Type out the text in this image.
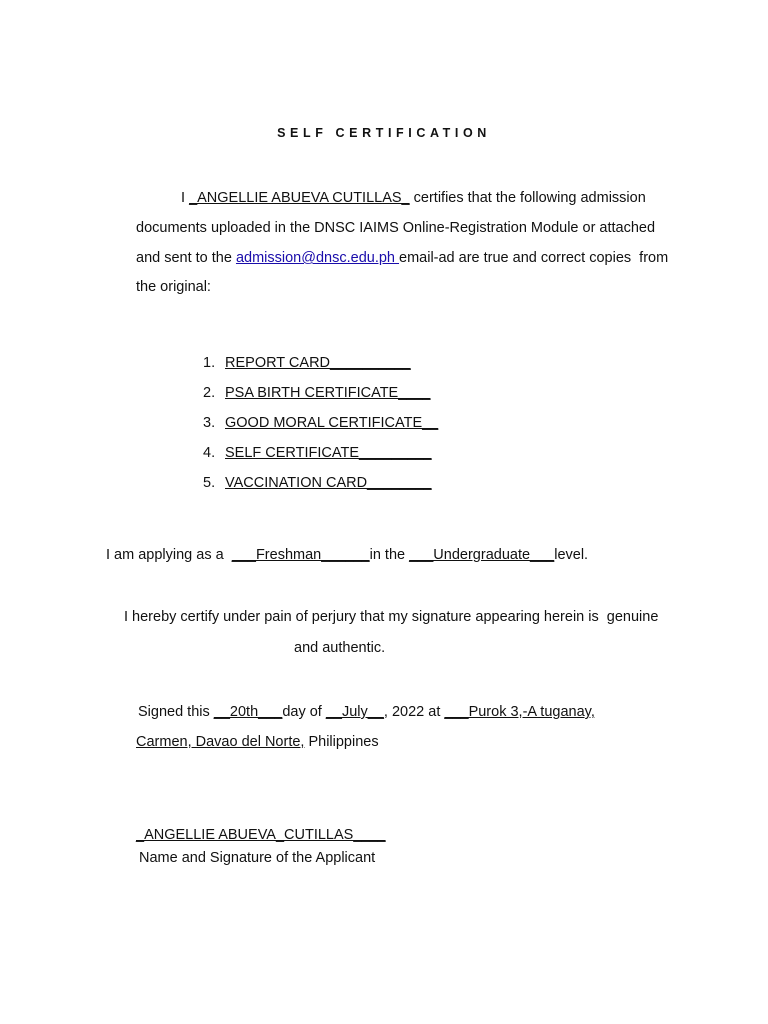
SELF CERTIFICATION
I _ANGELLIE ABUEVA CUTILLAS_ certifies that the following admission
documents uploaded in the DNSC IAIMS Online-Registration Module or attached
and sent to the admission@dnsc.edu.ph email-ad are true and correct copies  from
the original:
1. REPORT CARD__________
2. PSA BIRTH CERTIFICATE____
3. GOOD MORAL CERTIFICATE__
4. SELF CERTIFICATE_________
5. VACCINATION CARD________
I am applying as a  ___Freshman______in the ___Undergraduate___level.
I hereby certify under pain of perjury that my signature appearing herein is  genuine
and authentic.
Signed this __20th___day of __July__, 2022 at ___Purok 3,-A tuganay,
Carmen, Davao del Norte, Philippines
_ANGELLIE ABUEVA_CUTILLAS____
Name and Signature of the Applicant
